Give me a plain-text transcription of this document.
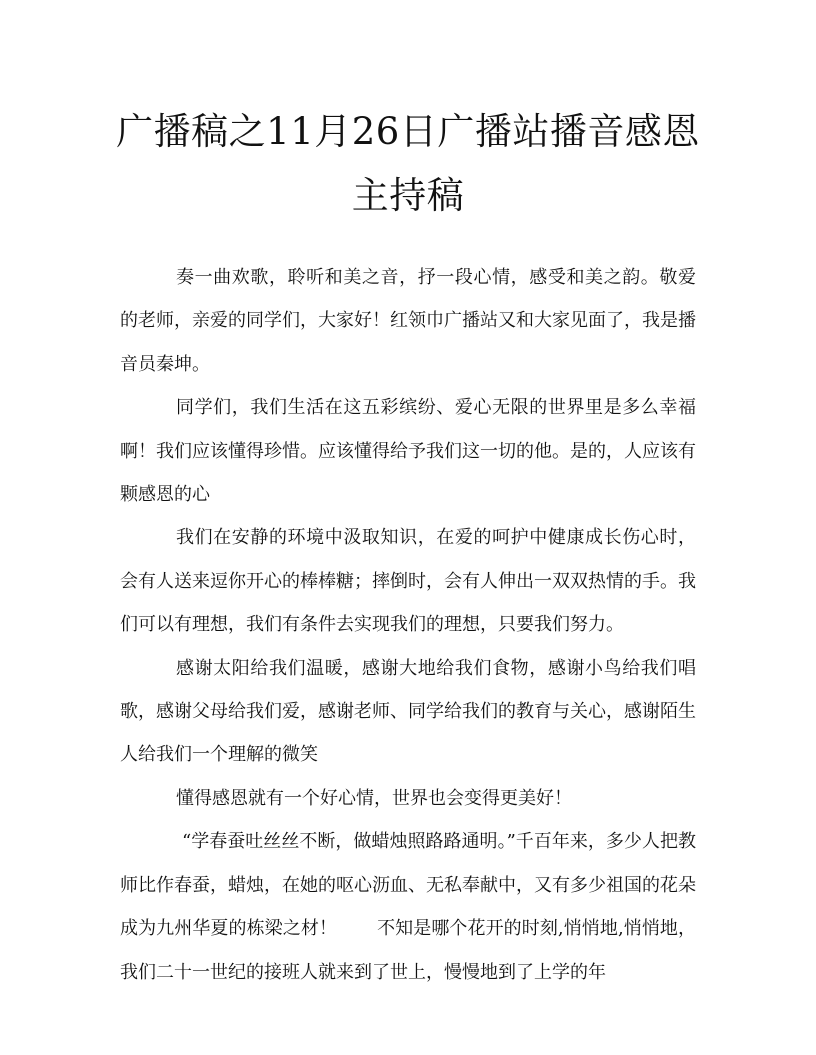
广播稿之11月26日广播站播音感恩
主持稿

奏一曲欢歌，聆听和美之音，抒一段心情，感受和美之韵。敬爱的老师，亲爱的同学们，大家好！红领巾广播站又和大家见面了，我是播音员秦坤。

同学们，我们生活在这五彩缤纷、爱心无限的世界里是多么幸福啊！我们应该懂得珍惜。应该懂得给予我们这一切的他。是的，人应该有颗感恩的心

我们在安静的环境中汲取知识，在爱的呵护中健康成长伤心时，会有人送来逗你开心的棒棒糖；摔倒时，会有人伸出一双双热情的手。我们可以有理想，我们有条件去实现我们的理想，只要我们努力。

感谢太阳给我们温暖，感谢大地给我们食物，感谢小鸟给我们唱歌，感谢父母给我们爱，感谢老师、同学给我们的教育与关心，感谢陌生人给我们一个理解的微笑

懂得感恩就有一个好心情，世界也会变得更美好！

“学春蚕吐丝丝不断，做蜡烛照路路通明。”千百年来，多少人把教师比作春蚕，蜡烛，在她的呕心沥血、无私奉献中，又有多少祖国的花朵成为九州华夏的栋梁之材！ 不知是哪个花开的时刻,悄悄地,悄悄地，我们二十一世纪的接班人就来到了世上，慢慢地到了上学的年
